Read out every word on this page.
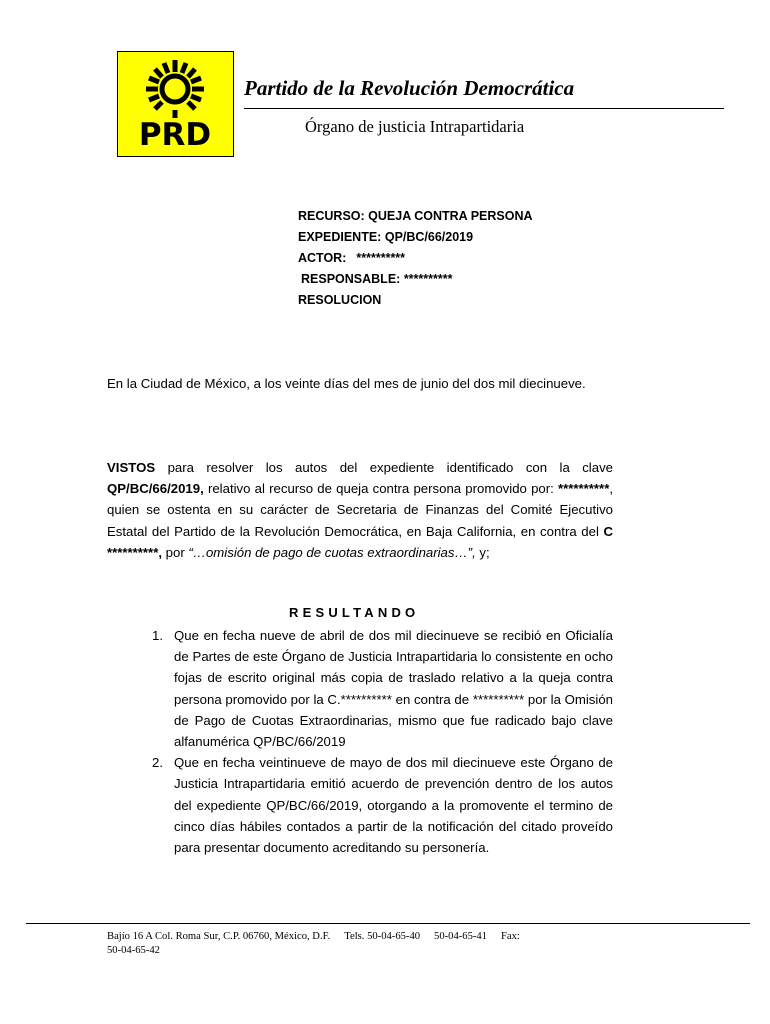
PRD
Partido de la Revolución Democrática
Órgano de justicia Intrapartidaria
RECURSO: QUEJA CONTRA PERSONA
EXPEDIENTE: QP/BC/66/2019
ACTOR: **********
RESPONSABLE: **********
RESOLUCION
En la Ciudad de México, a los veinte días del mes de junio del dos mil diecinueve.
VISTOS para resolver los autos del expediente identificado con la clave QP/BC/66/2019, relativo al recurso de queja contra persona promovido por: **********, quien se ostenta en su carácter de Secretaria de Finanzas del Comité Ejecutivo Estatal del Partido de la Revolución Democrática, en Baja California, en contra del C **********, por “…omisión de pago de cuotas extraordinarias…”, y;
RESULTANDO
1. Que en fecha nueve de abril de dos mil diecinueve se recibió en Oficialía de Partes de este Órgano de Justicia Intrapartidaria lo consistente en ocho fojas de escrito original más copia de traslado relativo a la queja contra persona promovido por la C.********** en contra de ********** por la Omisión de Pago de Cuotas Extraordinarias, mismo que fue radicado bajo clave alfanumérica QP/BC/66/2019
2. Que en fecha veintinueve de mayo de dos mil diecinueve este Órgano de Justicia Intrapartidaria emitió acuerdo de prevención dentro de los autos del expediente QP/BC/66/2019, otorgando a la promovente el termino de cinco días hábiles contados a partir de la notificación del citado proveído para presentar documento acreditando su personería.
Bajío 16 A Col. Roma Sur, C.P. 06760, México, D.F. Tels. 50-04-65-40 50-04-65-41 Fax:
50-04-65-42
